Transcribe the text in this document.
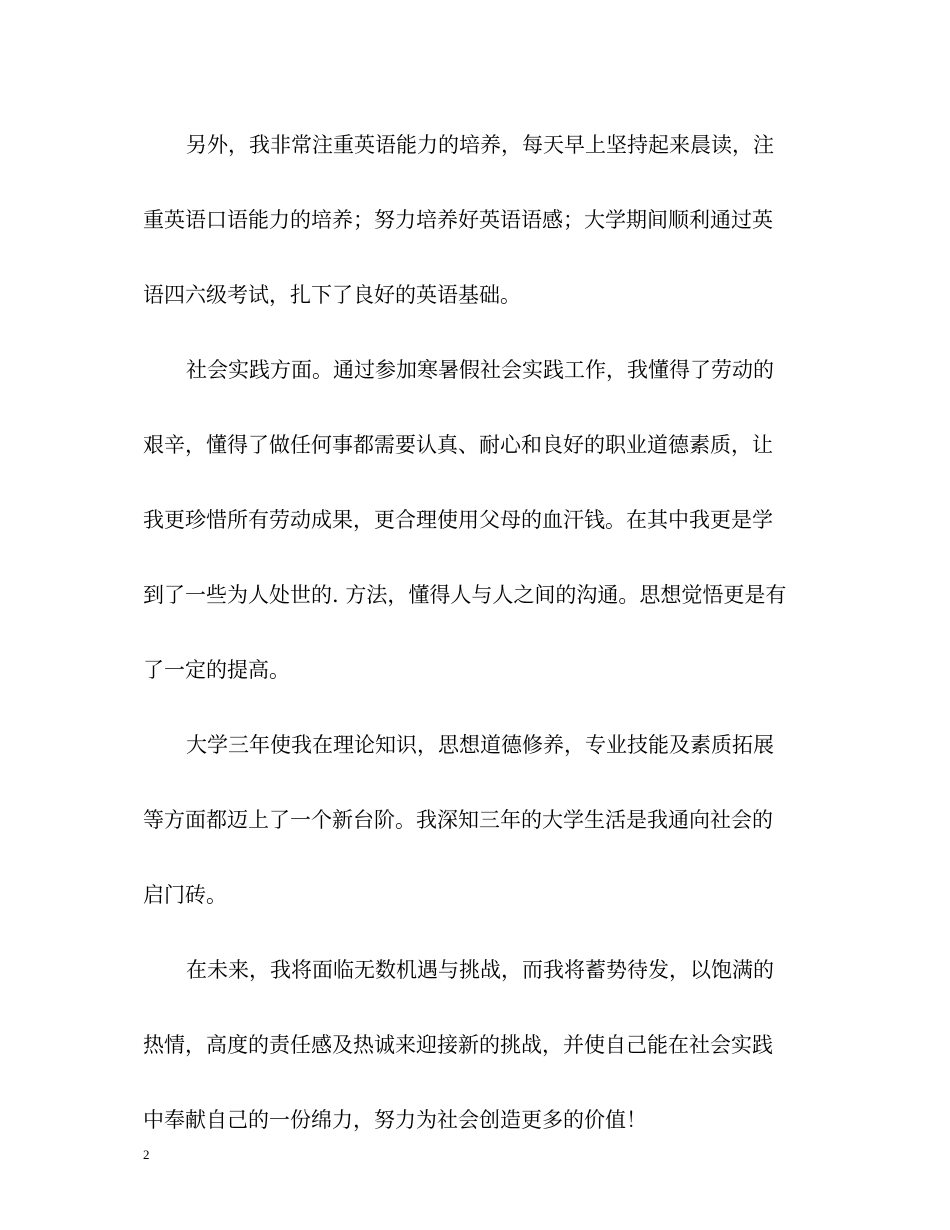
另外，我非常注重英语能力的培养，每天早上坚持起来晨读，注
重英语口语能力的培养；努力培养好英语语感；大学期间顺利通过英
语四六级考试，扎下了良好的英语基础。
社会实践方面。通过参加寒暑假社会实践工作，我懂得了劳动的
艰辛，懂得了做任何事都需要认真、耐心和良好的职业道德素质，让
我更珍惜所有劳动成果，更合理使用父母的血汗钱。在其中我更是学
到了一些为人处世的. 方法，懂得人与人之间的沟通。思想觉悟更是有
了一定的提高。
大学三年使我在理论知识，思想道德修养，专业技能及素质拓展
等方面都迈上了一个新台阶。我深知三年的大学生活是我通向社会的
启门砖。
在未来，我将面临无数机遇与挑战，而我将蓄势待发，以饱满的
热情，高度的责任感及热诚来迎接新的挑战，并使自己能在社会实践
中奉献自己的一份绵力，努力为社会创造更多的价值！
2
